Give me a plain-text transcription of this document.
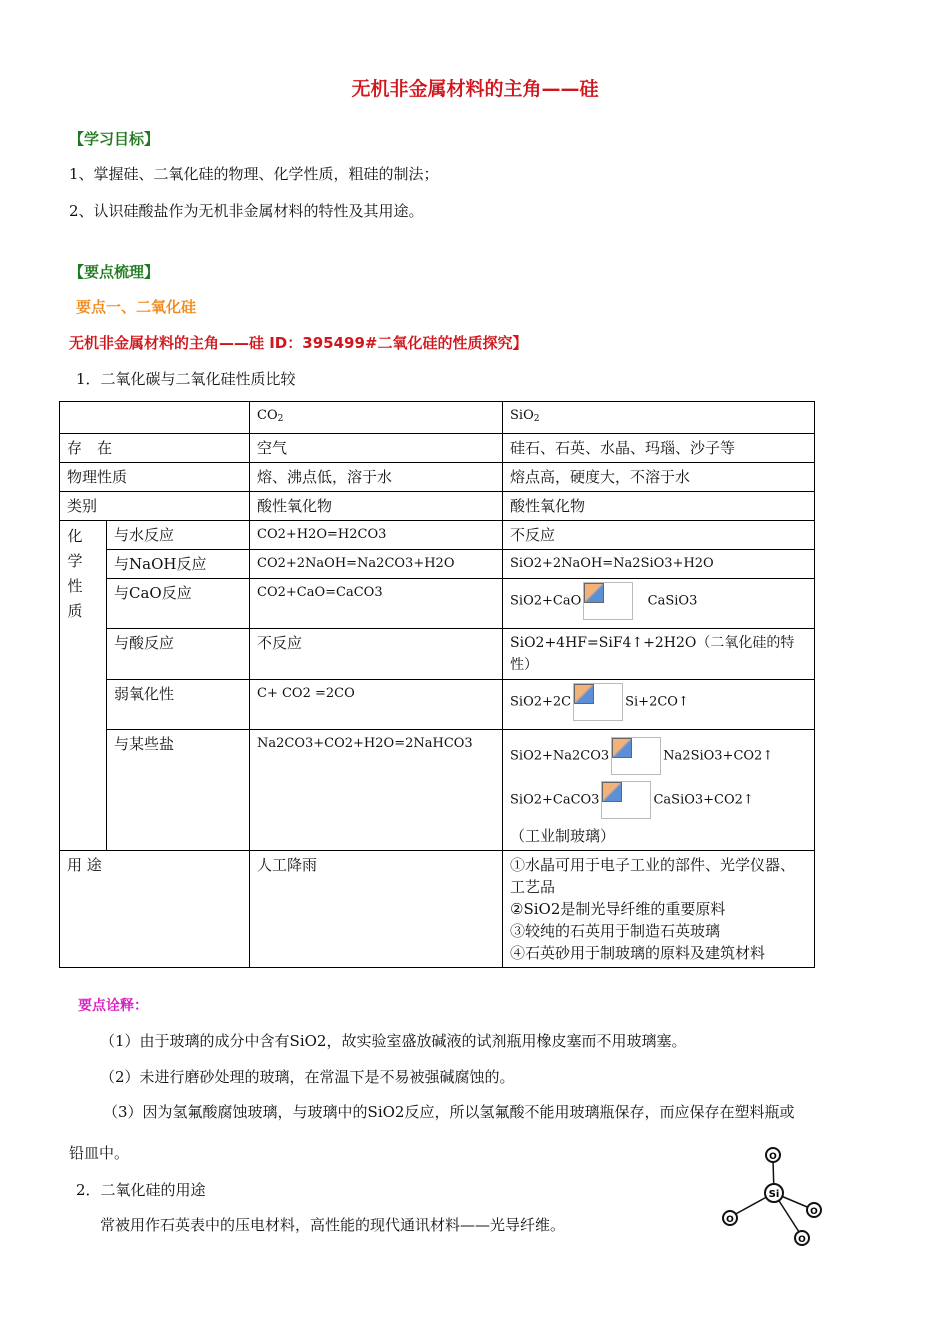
无机非金属材料的主角——硅
【学习目标】
1、掌握硅、二氧化硅的物理、化学性质，粗硅的制法；
2、认识硅酸盐作为无机非金属材料的特性及其用途。
【要点梳理】
要点一、二氧化硅
无机非金属材料的主角——硅 ID：395499#二氧化硅的性质探究】
1．二氧化碳与二氧化硅性质比较
		$CO_2$	SiO$_2$
存　在		空气	硅石、石英、水晶、玛瑙、沙子等
物理性质		熔、沸点低，溶于水	熔点高，硬度大，不溶于水
类别		酸性氧化物	酸性氧化物

化
学
性
质	与水反应	CO2+H2O=H2CO3	不反应
	与NaOH反应	CO2+2NaOH=Na2CO3+H2O	SiO2+2NaOH=Na2SiO3+H2O
	与CaO反应	CO2+CaO=CaCO3	SiO2+CaO CaSiO3
	与酸反应	不反应	SiO2+4HF=SiF4↑+2H2O（二氧化硅的特性）
	弱氧化性	C+ CO2 =2CO	SiO2+2C Si+2CO↑
	与某些盐	Na2CO3+CO2+H2O=2NaHCO3	SiO2+Na2CO3 Na2SiO3+CO2↑
SiO2+CaCO3 CaSiO3+CO2↑
（工业制玻璃）

用 途		人工降雨	①水晶可用于电子工业的部件、光学仪器、工艺品
②SiO2是制光导纤维的重要原料
③较纯的石英用于制造石英玻璃
④石英砂用于制玻璃的原料及建筑材料
要点诠释：
（1）由于玻璃的成分中含有SiO2，故实验室盛放碱液的试剂瓶用橡皮塞而不用玻璃塞。
（2）未进行磨砂处理的玻璃，在常温下是不易被强碱腐蚀的。
（3）因为氢氟酸腐蚀玻璃，与玻璃中的SiO2反应，所以氢氟酸不能用玻璃瓶保存，而应保存在塑料瓶或
铅皿中。
2．二氧化硅的用途
常被用作石英表中的压电材料，高性能的现代通讯材料——光导纤维。
Si
O
O
O
O
